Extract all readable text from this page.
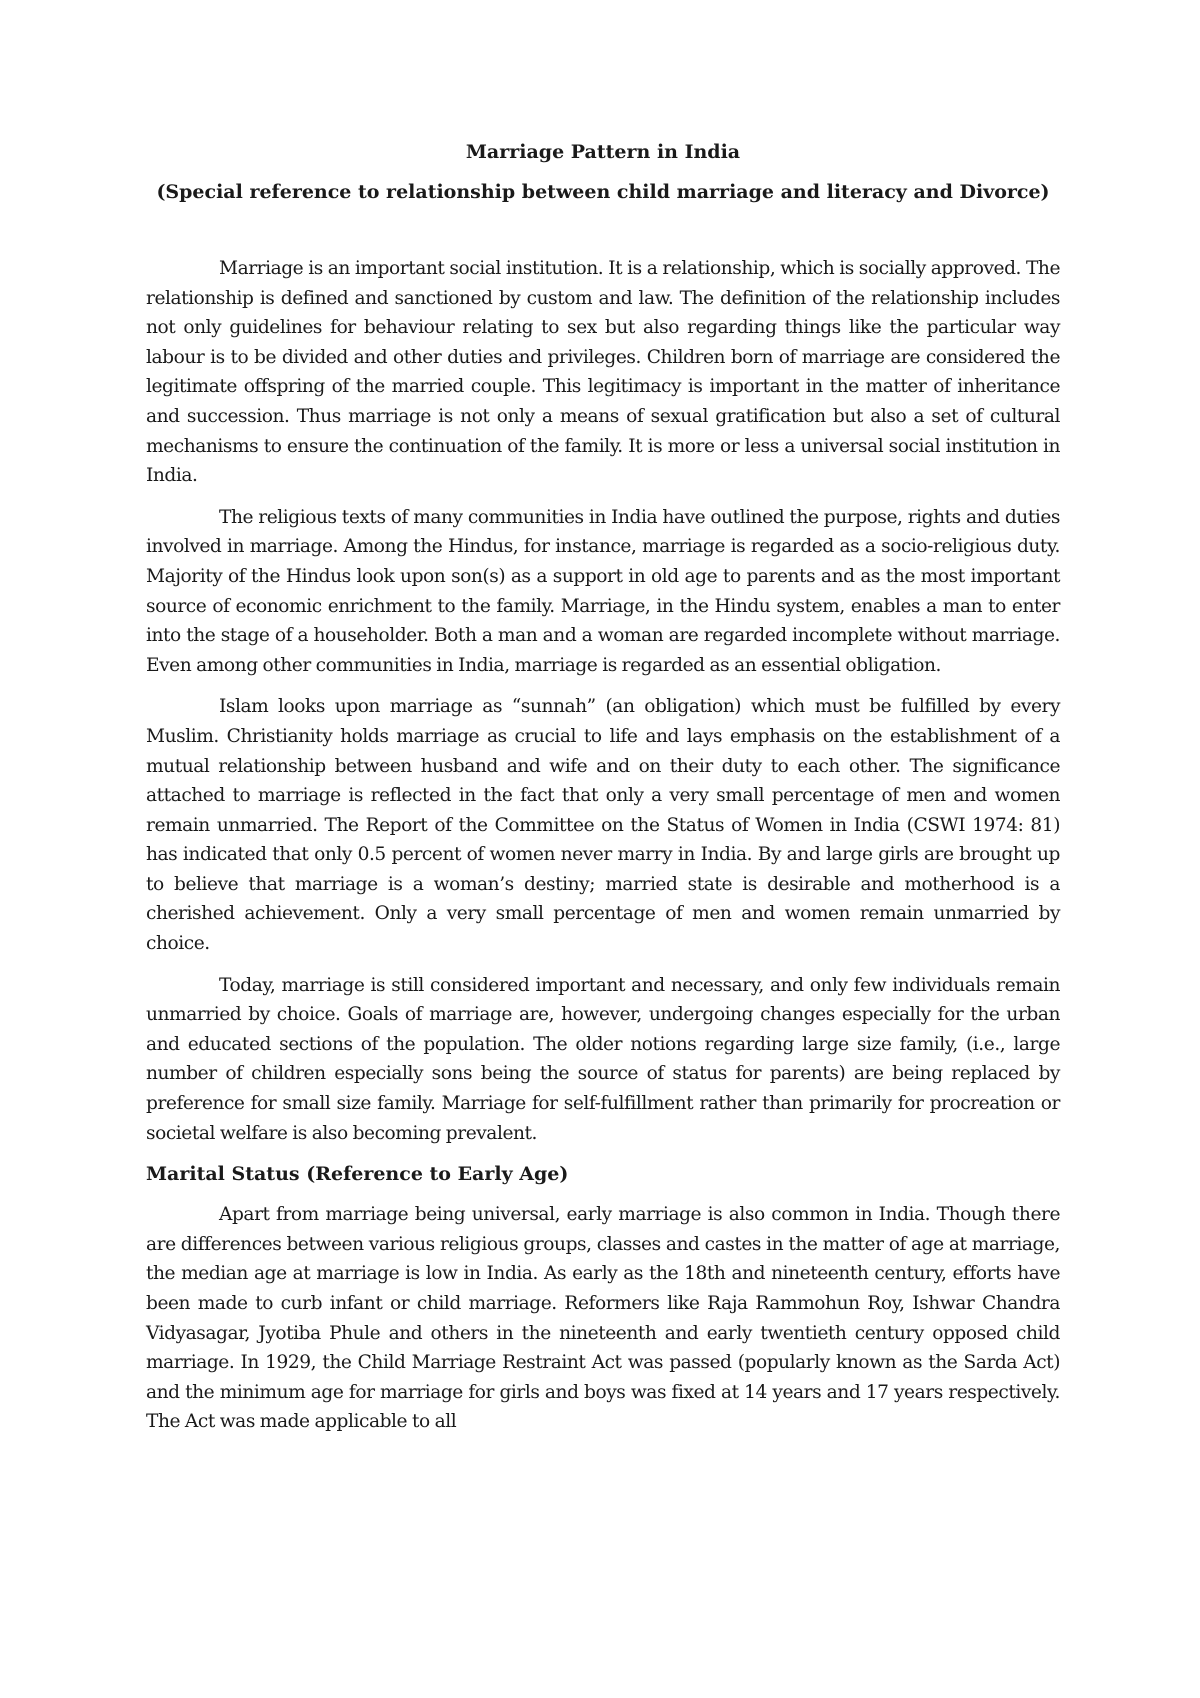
Marriage Pattern in India
(Special reference to relationship between child marriage and literacy and Divorce)

Marriage is an important social institution. It is a relationship, which is socially approved. The relationship is defined and sanctioned by custom and law. The definition of the relationship includes not only guidelines for behaviour relating to sex but also regarding things like the particular way labour is to be divided and other duties and privileges. Children born of marriage are considered the legitimate offspring of the married couple. This legitimacy is important in the matter of inheritance and succession. Thus marriage is not only a means of sexual gratification but also a set of cultural mechanisms to ensure the continuation of the family. It is more or less a universal social institution in India.

The religious texts of many communities in India have outlined the purpose, rights and duties involved in marriage. Among the Hindus, for instance, marriage is regarded as a socio-religious duty. Majority of the Hindus look upon son(s) as a support in old age to parents and as the most important source of economic enrichment to the family. Marriage, in the Hindu system, enables a man to enter into the stage of a householder. Both a man and a woman are regarded incomplete without marriage. Even among other communities in India, marriage is regarded as an essential obligation.

Islam looks upon marriage as “sunnah” (an obligation) which must be fulfilled by every Muslim. Christianity holds marriage as crucial to life and lays emphasis on the establishment of a mutual relationship between husband and wife and on their duty to each other. The significance attached to marriage is reflected in the fact that only a very small percentage of men and women remain unmarried. The Report of the Committee on the Status of Women in India (CSWI 1974: 81) has indicated that only 0.5 percent of women never marry in India. By and large girls are brought up to believe that marriage is a woman’s destiny; married state is desirable and motherhood is a cherished achievement. Only a very small percentage of men and women remain unmarried by choice.

Today, marriage is still considered important and necessary, and only few individuals remain unmarried by choice. Goals of marriage are, however, undergoing changes especially for the urban and educated sections of the population. The older notions regarding large size family, (i.e., large number of children especially sons being the source of status for parents) are being replaced by preference for small size family. Marriage for self-fulfillment rather than primarily for procreation or societal welfare is also becoming prevalent.

Marital Status (Reference to Early Age)

Apart from marriage being universal, early marriage is also common in India. Though there are differences between various religious groups, classes and castes in the matter of age at marriage, the median age at marriage is low in India. As early as the 18th and nineteenth century, efforts have been made to curb infant or child marriage. Reformers like Raja Rammohun Roy, Ishwar Chandra Vidyasagar, Jyotiba Phule and others in the nineteenth and early twentieth century opposed child marriage. In 1929, the Child Marriage Restraint Act was passed (popularly known as the Sarda Act) and the minimum age for marriage for girls and boys was fixed at 14 years and 17 years respectively. The Act was made applicable to all
